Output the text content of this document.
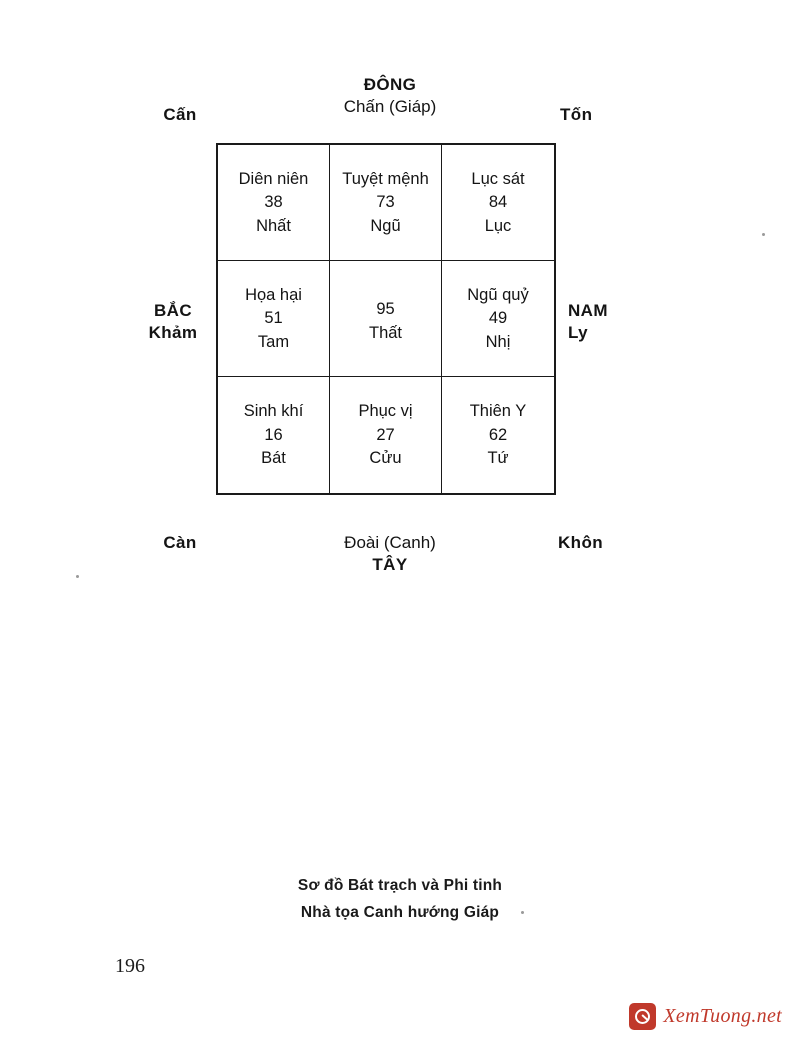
ĐÔNG
Chấn (Giáp)
Cấn	Tốn
BẮC
Khảm
NAM
Ly
Càn	Khôn
Đoài (Canh)
TÂY
Diên niên
38
Nhất
Tuyệt mệnh
73
Ngũ
Lục sát
84
Lục
Họa hại
51
Tam
95
Thất
Ngũ quỷ
49
Nhị
Sinh khí
16
Bát
Phục vị
27
Cửu
Thiên Y
62
Tứ
Sơ đồ Bát trạch và Phi tinh
Nhà tọa Canh hướng Giáp
196
XemTuong.net
